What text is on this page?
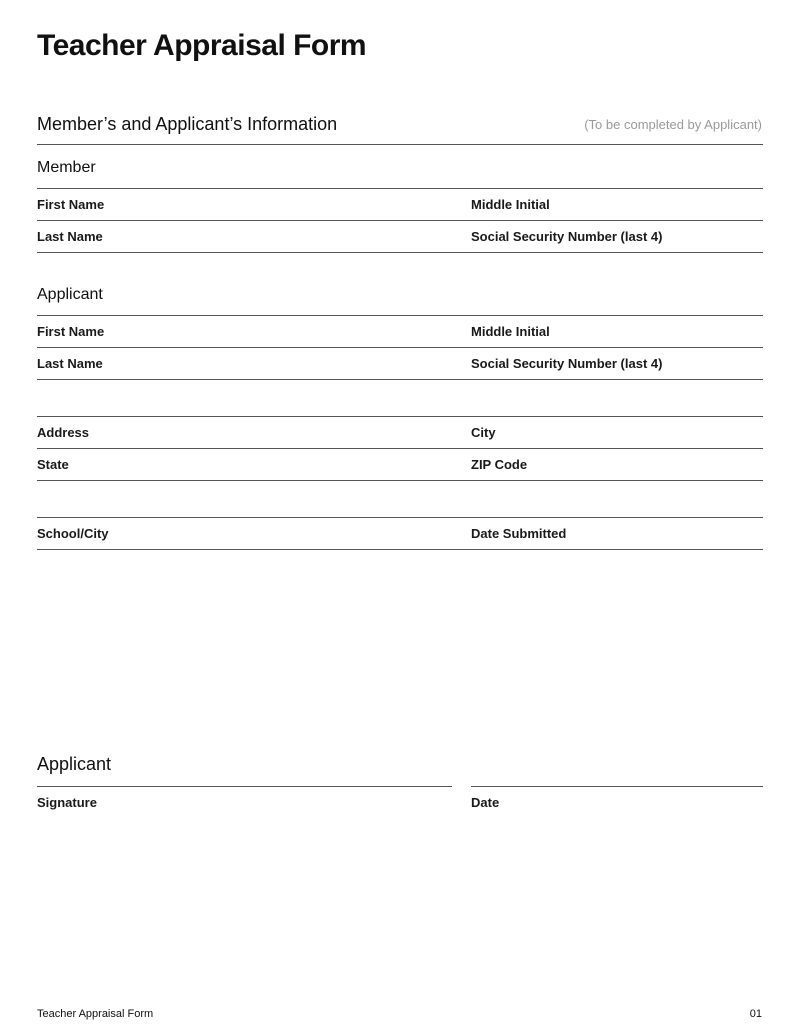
Teacher Appraisal Form
Member’s and Applicant’s Information	(To be completed by Applicant)
Member
First Name	Middle Initial
Last Name	Social Security Number (last 4)
Applicant
First Name	Middle Initial
Last Name	Social Security Number (last 4)
Address	City
State	ZIP Code
School/City	Date Submitted
Applicant
Signature	Date
Teacher Appraisal Form	01
